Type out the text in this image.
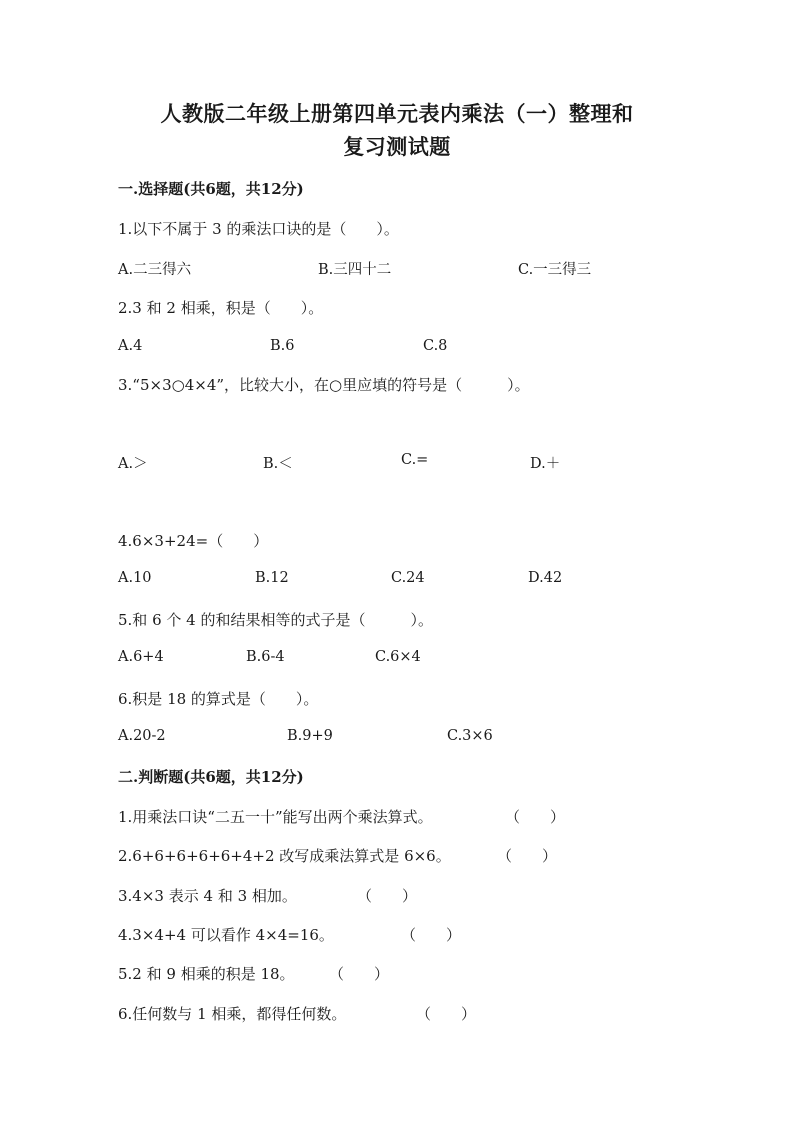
人教版二年级上册第四单元表内乘法（一）整理和
复习测试题
一.选择题(共6题，共12分)
1.以下不属于 3 的乘法口诀的是（　　）。
A.二三得六	B.三四十二	C.一三得三
2.3 和 2 相乘，积是（　　）。
A.4	B.6	C.8
3.“5×3○4×4”，比较大小，在○里应填的符号是（　　　）。
A.＞	B.＜	C.=	D.＋
4.6×3+24=（　　）
A.10	B.12	C.24	D.42
5.和 6 个 4 的和结果相等的式子是（　　　）。
A.6+4	B.6-4	C.6×4
6.积是 18 的算式是（　　）。
A.20-2	B.9+9	C.3×6
二.判断题(共6题，共12分)
1.用乘法口诀“二五一十”能写出两个乘法算式。	（　　）
2.6+6+6+6+6+4+2 改写成乘法算式是 6×6。	（　　）
3.4×3 表示 4 和 3 相加。	（　　）
4.3×4+4 可以看作 4×4=16。	（　　）
5.2 和 9 相乘的积是 18。 （　　）
6.任何数与 1 相乘，都得任何数。	（　　）
